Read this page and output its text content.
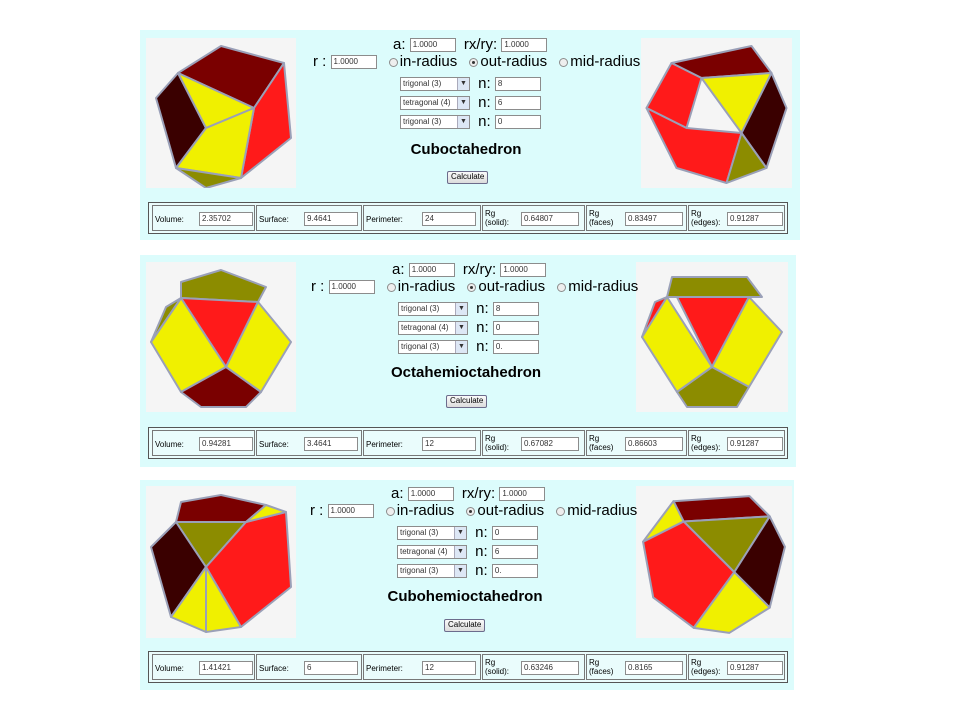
a: 1.0000 rx/ry: 1.0000
r : 1.0000	in-radius out-radius mid-radius
trigonal (3)	▼ n: 8
tetragonal (4)	▼ n: 6
trigonal (3)	▼ n: 0
Cuboctahedron
Calculate
Volume:	2.35702	Surface:	9.4641	Perimeter:	24
Rg (solid):	0.64807
Rg (faces)	0.83497
Rg (edges):	0.91287
a: 1.0000 rx/ry: 1.0000
r : 1.0000	in-radius out-radius mid-radius
trigonal (3)	▼ n: 8
tetragonal (4)	▼ n: 0
trigonal (3)	▼ n: 0.
Octahemioctahedron
Calculate
Volume:	0.94281	Surface:	3.4641	Perimeter:	12
Rg (solid):	0.67082
Rg (faces)	0.86603
Rg (edges):	0.91287
a: 1.0000 rx/ry: 1.0000
r : 1.0000	in-radius out-radius mid-radius
trigonal (3)	▼ n: 0
tetragonal (4)	▼ n: 6
trigonal (3)	▼ n: 0.
Cubohemioctahedron
Calculate
Volume:	1.41421	Surface:	6	Perimeter:	12
Rg (solid):	0.63246
Rg (faces)	0.8165
Rg (edges):	0.91287
